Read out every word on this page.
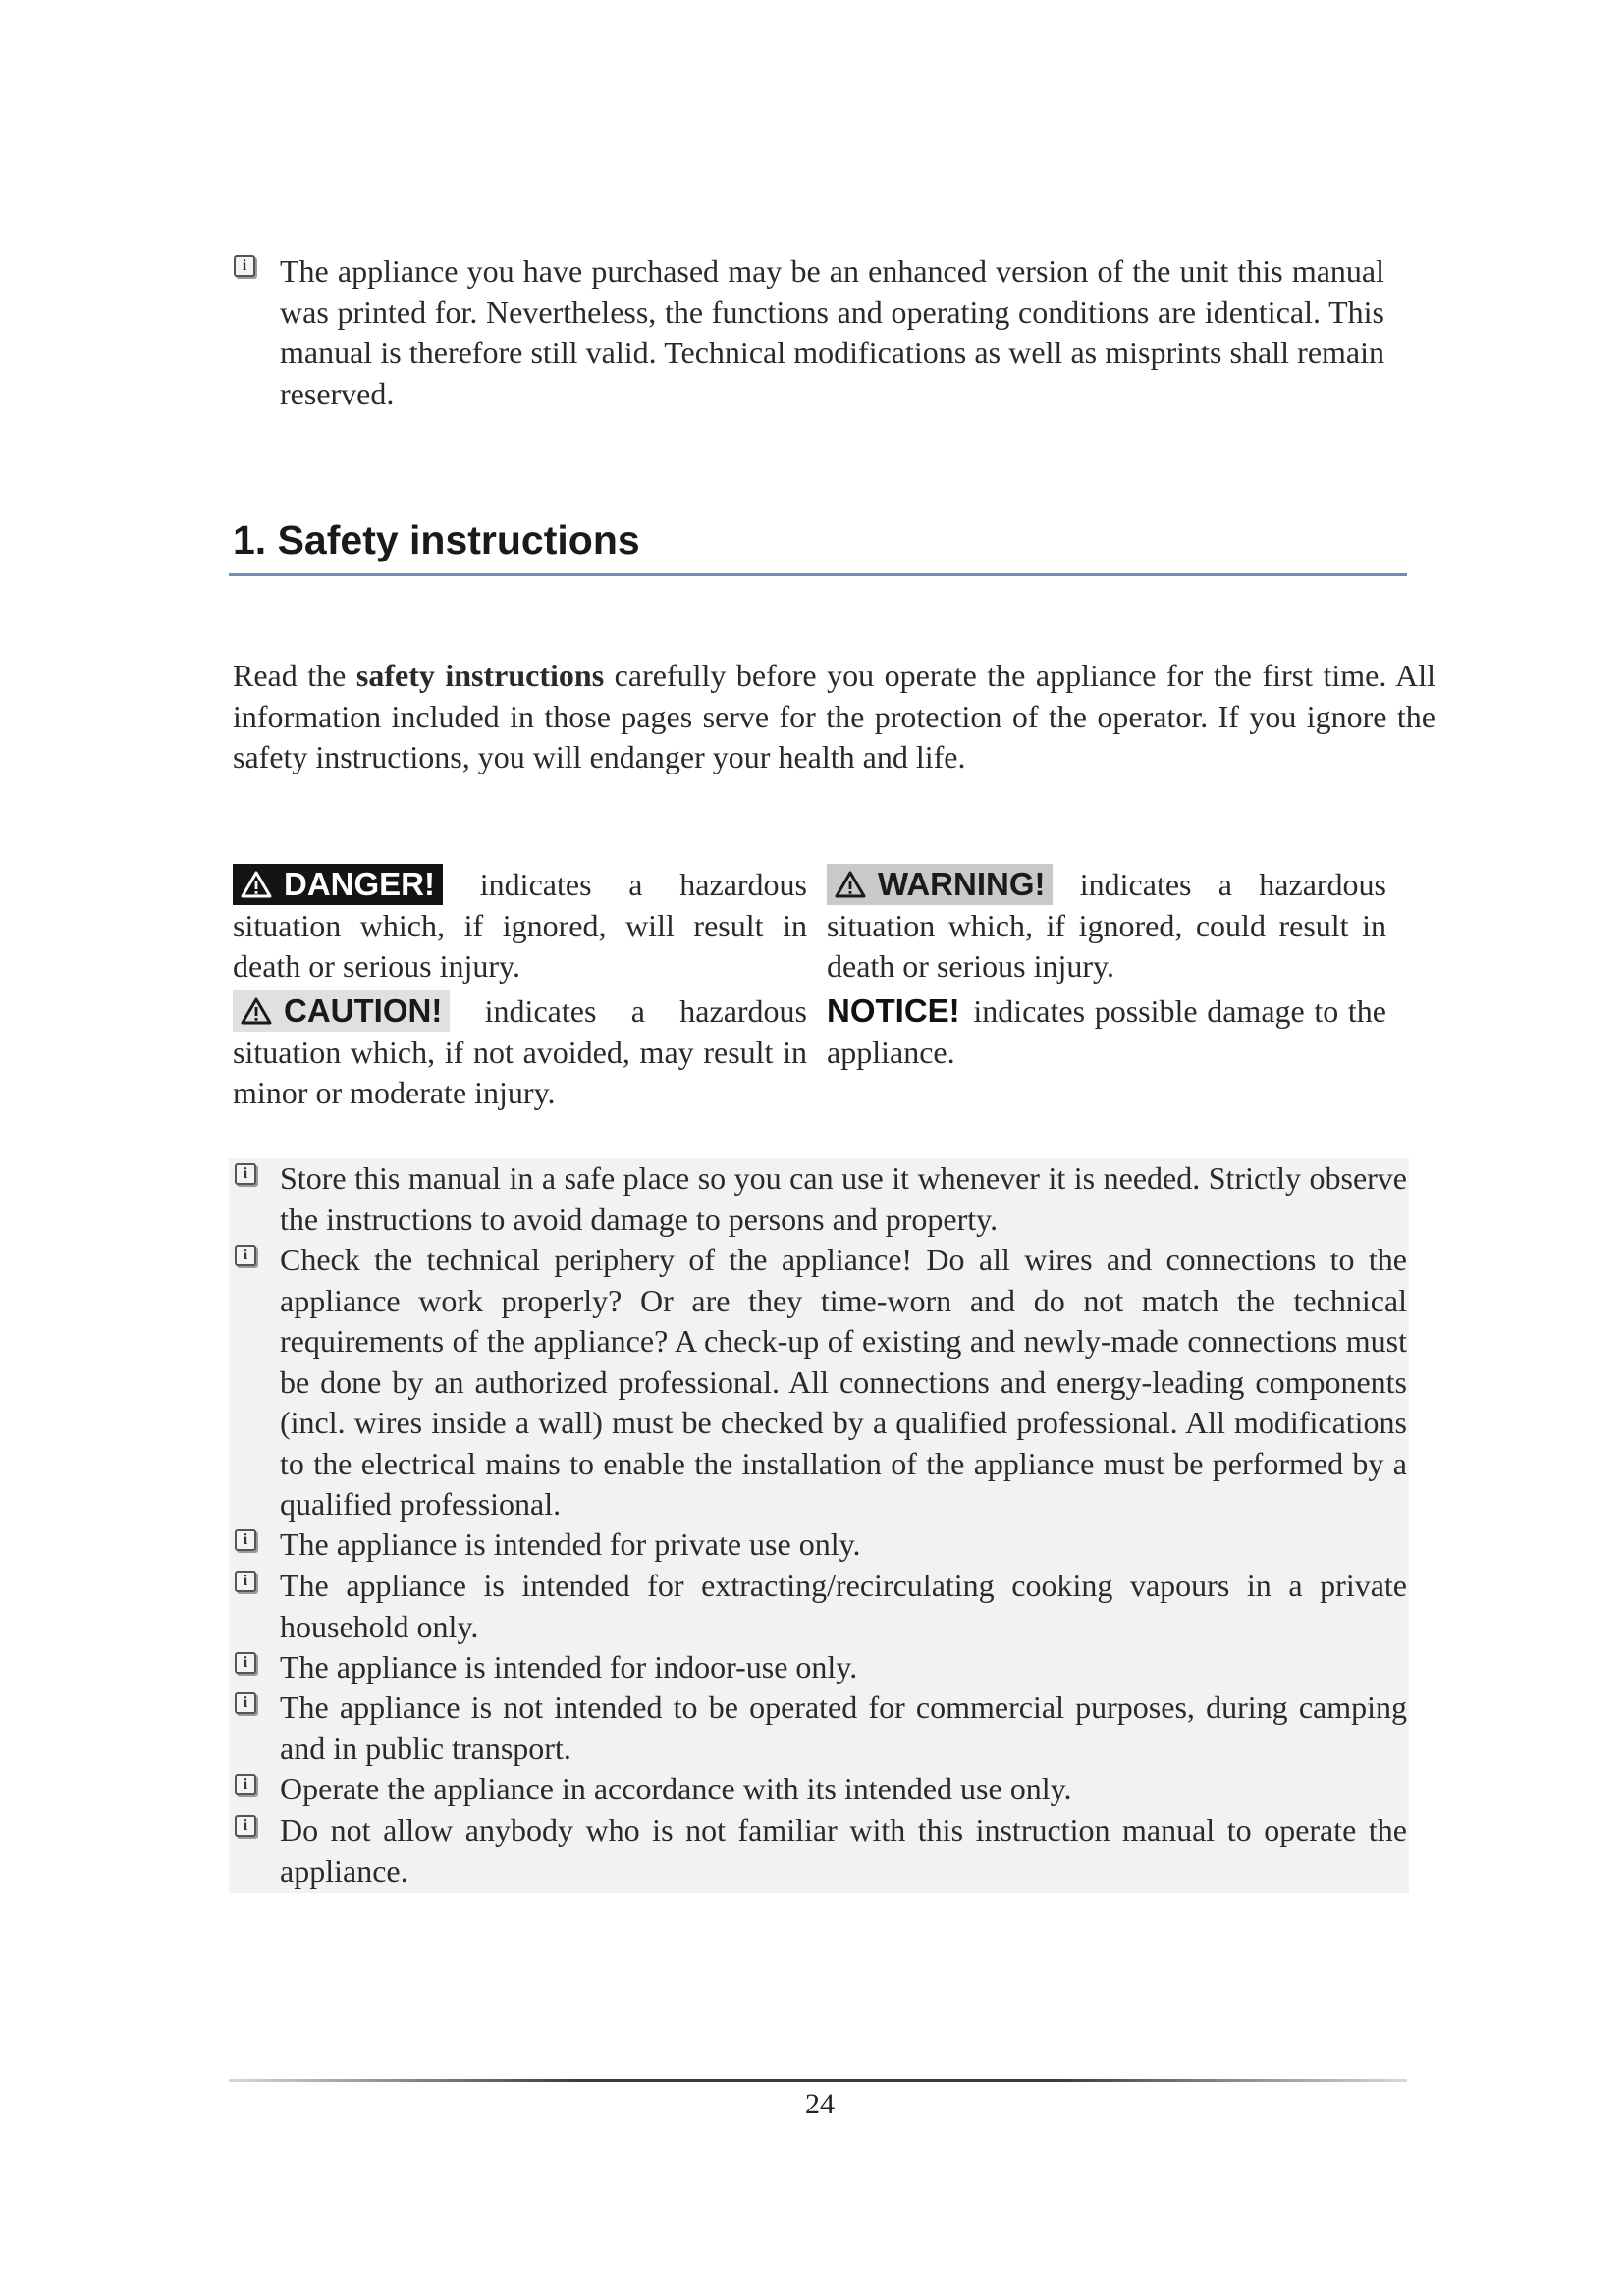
i

The appliance you have purchased may be an enhanced version of the unit this manual was printed for. Nevertheless, the functions and operating conditions are identical. This manual is therefore still valid. Technical modifications as well as misprints shall remain reserved.

1. Safety instructions

Read the safety instructions carefully before you operate the appliance for the first time. All information included in those pages serve for the protection of the operator. If you ignore the safety instructions, you will endanger your health and life.

DANGER! indicates a hazardous situation which, if ignored, will result in death or serious injury.

CAUTION! indicates a hazardous situation which, if not avoided, may result in minor or moderate injury.

WARNING! indicates a hazardous situation which, if ignored, could result in death or serious injury.

NOTICE! indicates possible damage to the appliance.

i

Store this manual in a safe place so you can use it whenever it is needed. Strictly observe the instructions to avoid damage to persons and property.

i

Check the technical periphery of the appliance! Do all wires and connections to the appliance work properly? Or are they time-worn and do not match the technical requirements of the appliance? A check-up of existing and newly-made connections must be done by an authorized professional. All connections and energy-leading components (incl. wires inside a wall) must be checked by a qualified professional. All modifications to the electrical mains to enable the installation of the appliance must be performed by a qualified professional.

i

The appliance is intended for private use only.

i

The appliance is intended for extracting/recirculating cooking vapours in a private household only.

i

The appliance is intended for indoor-use only.

i

The appliance is not intended to be operated for commercial purposes, during camping and in public transport.

i

Operate the appliance in accordance with its intended use only.

i

Do not allow anybody who is not familiar with this instruction manual to operate the appliance.

24
